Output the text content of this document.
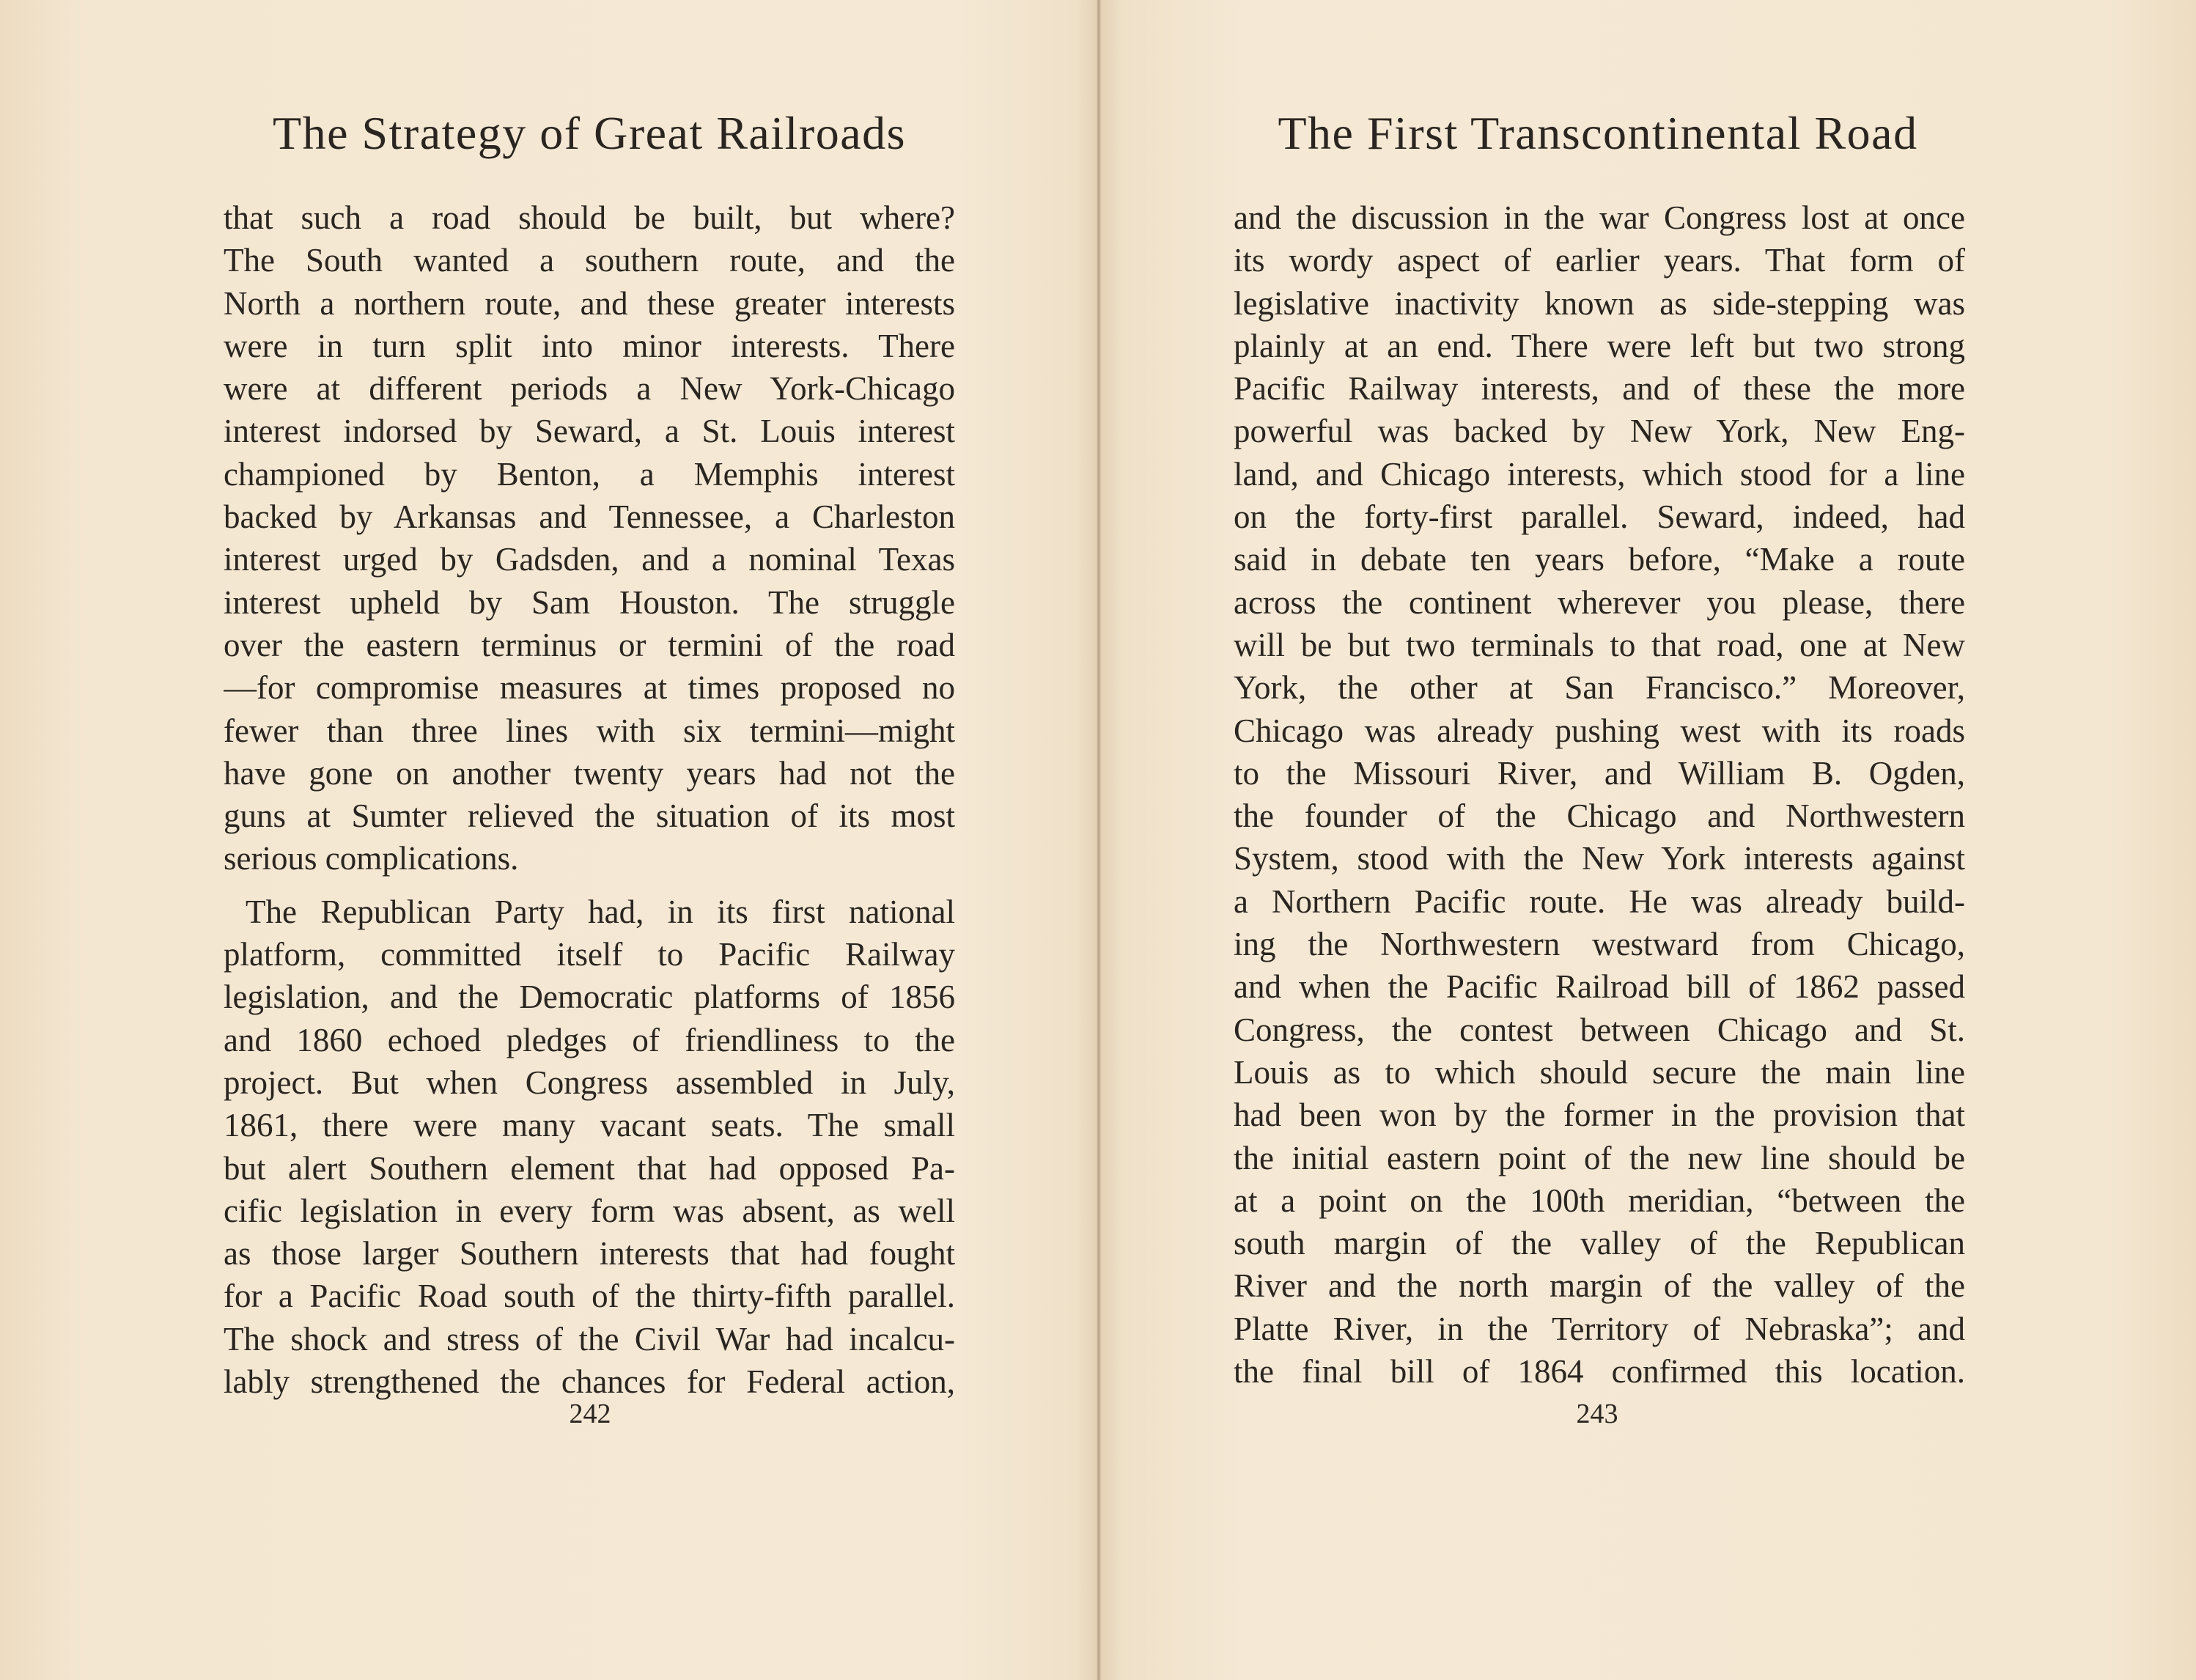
The Strategy of Great Railroads
that such a road should be built, but where?
The South wanted a southern route, and the
North a northern route, and these greater interests
were in turn split into minor interests. There
were at different periods a New York-Chicago
interest indorsed by Seward, a St. Louis interest
championed by Benton, a Memphis interest
backed by Arkansas and Tennessee, a Charleston
interest urged by Gadsden, and a nominal Texas
interest upheld by Sam Houston. The struggle
over the eastern terminus or termini of the road
—for compromise measures at times proposed no
fewer than three lines with six termini—might
have gone on another twenty years had not the
guns at Sumter relieved the situation of its most
serious complications.
The Republican Party had, in its first national
platform, committed itself to Pacific Railway
legislation, and the Democratic platforms of 1856
and 1860 echoed pledges of friendliness to the
project. But when Congress assembled in July,
1861, there were many vacant seats. The small
but alert Southern element that had opposed Pa-
cific legislation in every form was absent, as well
as those larger Southern interests that had fought
for a Pacific Road south of the thirty-fifth parallel.
The shock and stress of the Civil War had incalcu-
lably strengthened the chances for Federal action,

242

The First Transcontinental Road
and the discussion in the war Congress lost at once
its wordy aspect of earlier years. That form of
legislative inactivity known as side-stepping was
plainly at an end. There were left but two strong
Pacific Railway interests, and of these the more
powerful was backed by New York, New Eng-
land, and Chicago interests, which stood for a line
on the forty-first parallel. Seward, indeed, had
said in debate ten years before, “Make a route
across the continent wherever you please, there
will be but two terminals to that road, one at New
York, the other at San Francisco.” Moreover,
Chicago was already pushing west with its roads
to the Missouri River, and William B. Ogden,
the founder of the Chicago and Northwestern
System, stood with the New York interests against
a Northern Pacific route. He was already build-
ing the Northwestern westward from Chicago,
and when the Pacific Railroad bill of 1862 passed
Congress, the contest between Chicago and St.
Louis as to which should secure the main line
had been won by the former in the provision that
the initial eastern point of the new line should be
at a point on the 100th meridian, “between the
south margin of the valley of the Republican
River and the north margin of the valley of the
Platte River, in the Territory of Nebraska”; and
the final bill of 1864 confirmed this location.

243
